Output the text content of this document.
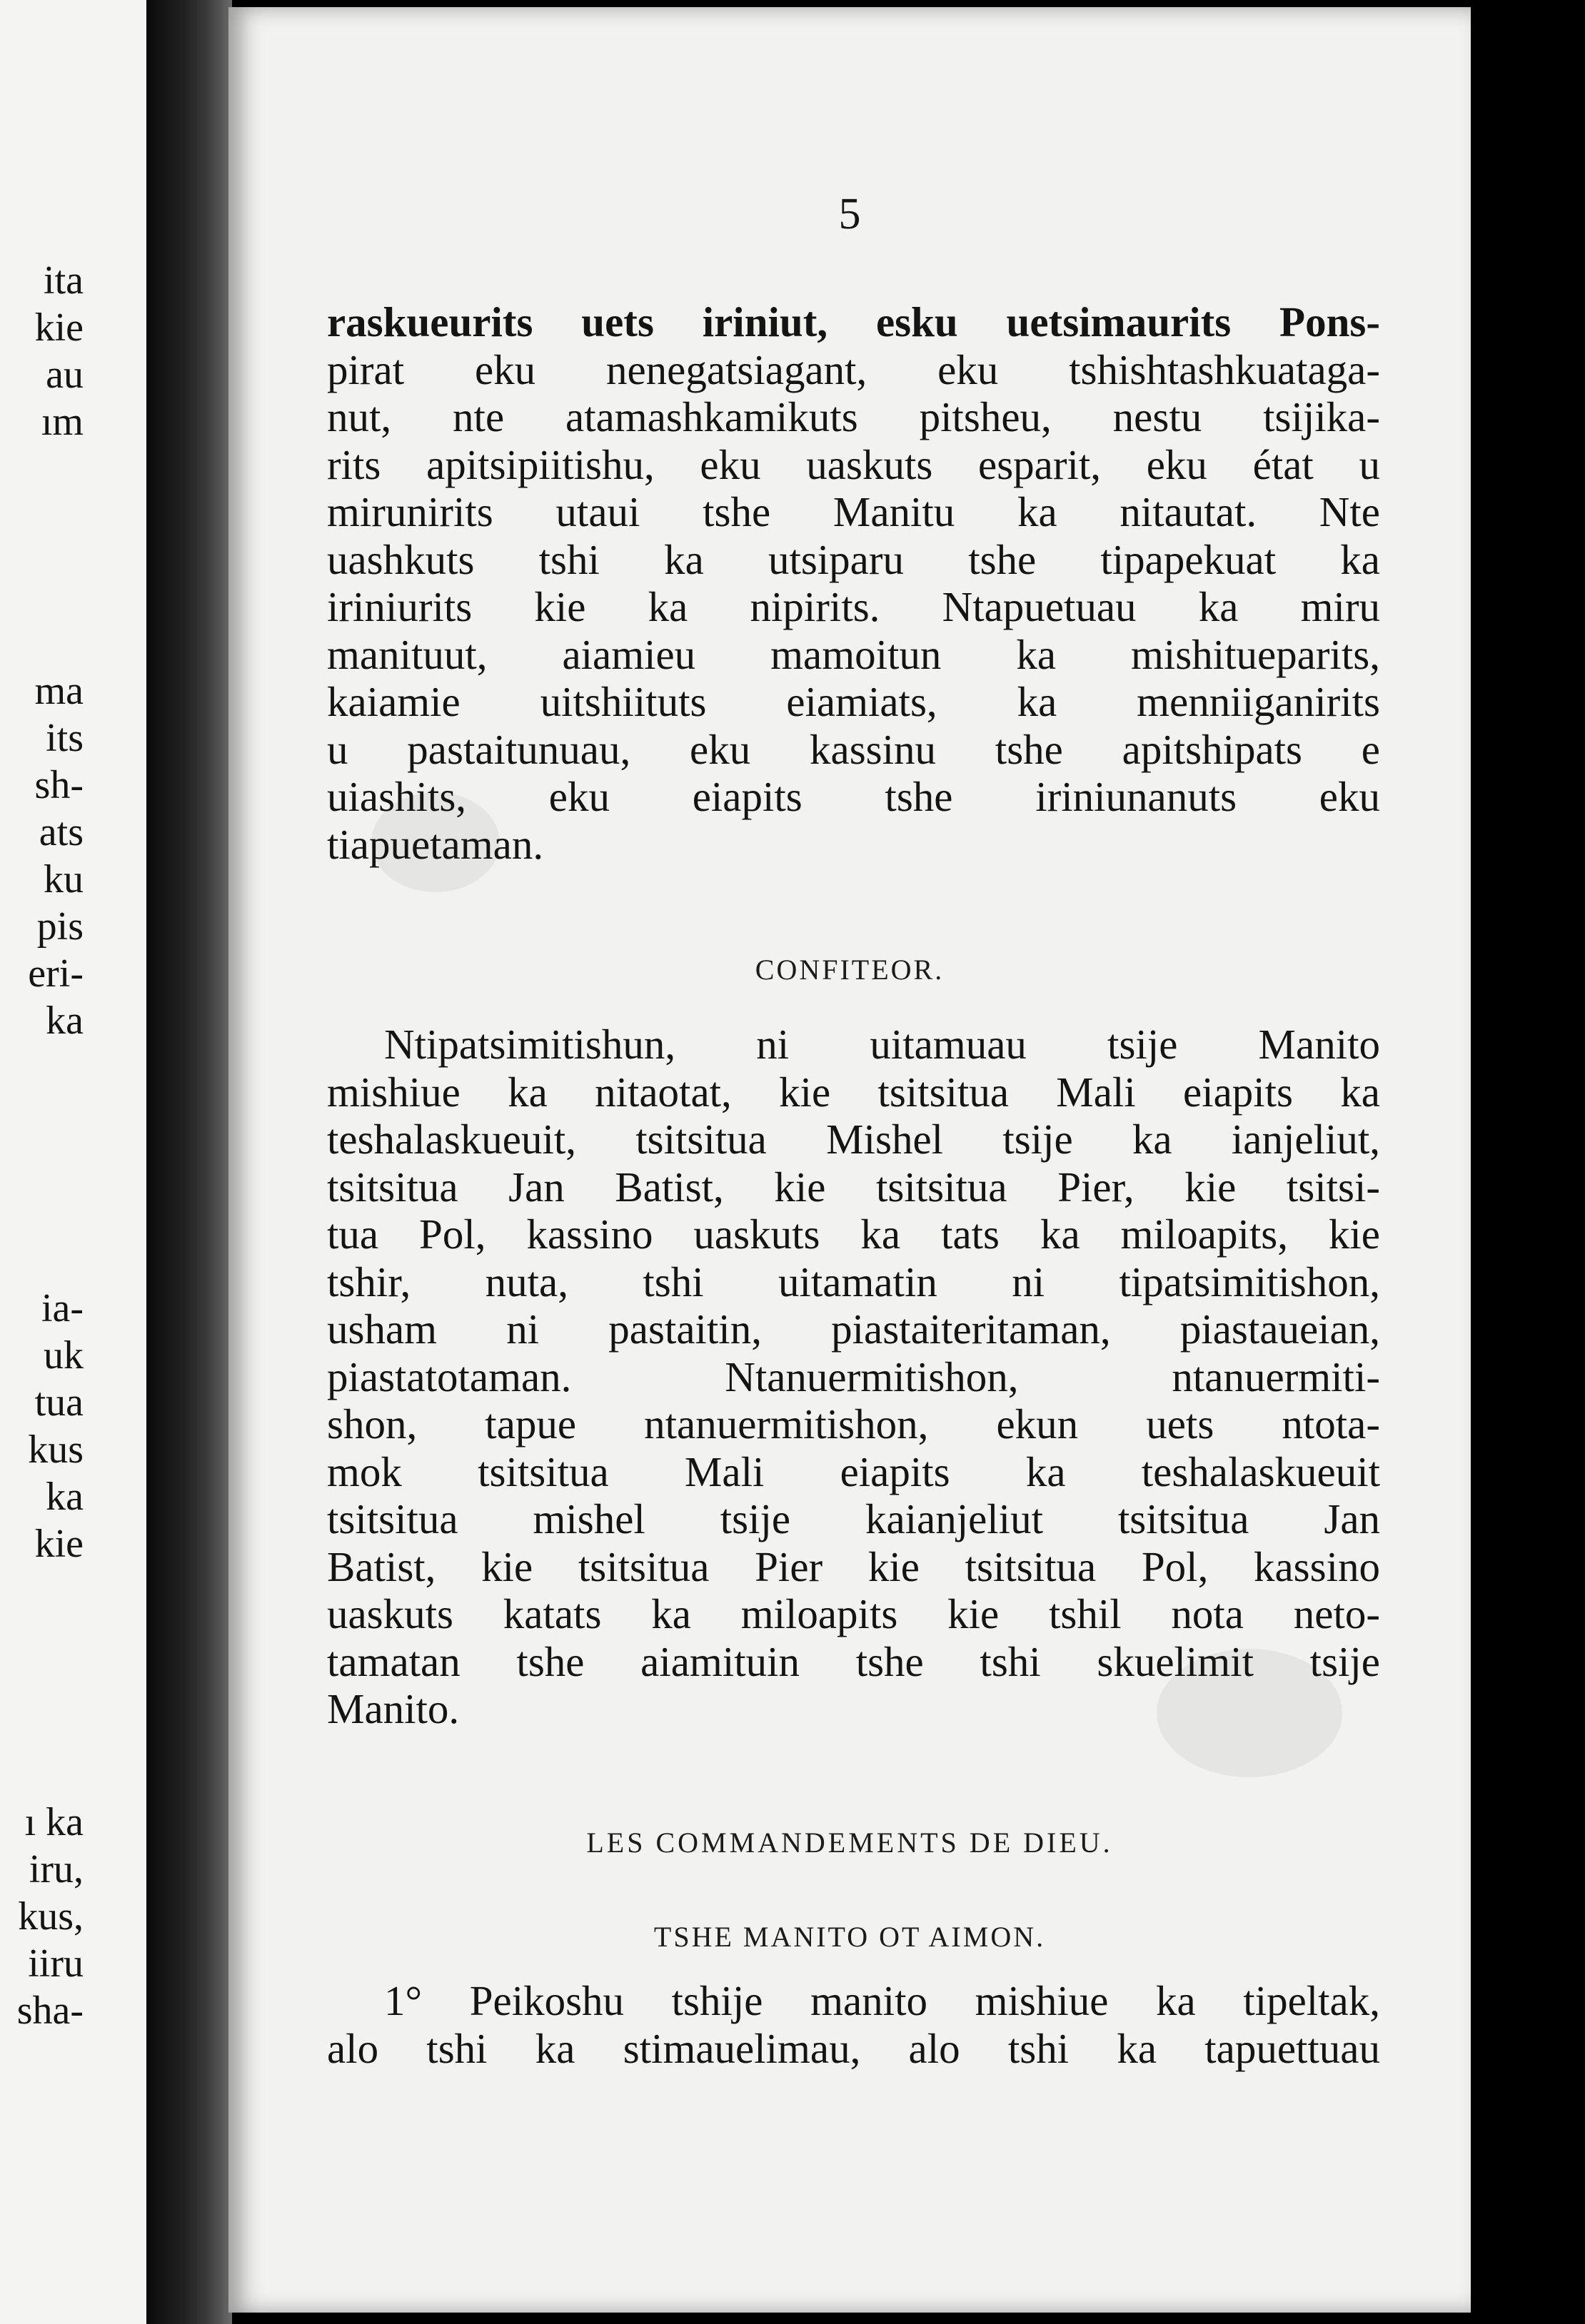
ita
kie
au
ım
ma
its
sh-
ats
ku
pis
eri-
ka
ia-
uk
tua
kus
ka
kie
ı ka
iru,
kus,
iiru
sha-
5
raskueurits uets iriniut, esku uetsimaurits Pons-
pirat eku nenegatsiagant, eku tshishtashkuataga-
nut, nte atamashkamikuts pitsheu, nestu tsijika-
rits apitsipiitishu, eku uaskuts esparit, eku état u
mirunirits utaui tshe Manitu ka nitautat. Nte
uashkuts tshi ka utsiparu tshe tipapekuat ka
iriniurits kie ka nipirits. Ntapuetuau ka miru
manituut, aiamieu mamoitun ka mishitueparits,
kaiamie uitshiituts eiamiats, ka menniiganirits
u pastaitunuau, eku kassinu tshe apitshipats e
uiashits, eku eiapits tshe iriniunanuts eku
tiapuetaman.
CONFITEOR.
Ntipatsimitishun, ni uitamuau tsije Manito
mishiue ka nitaotat, kie tsitsitua Mali eiapits ka
teshalaskueuit, tsitsitua Mishel tsije ka ianjeliut,
tsitsitua Jan Batist, kie tsitsitua Pier, kie tsitsi-
tua Pol, kassino uaskuts ka tats ka miloapits, kie
tshir, nuta, tshi uitamatin ni tipatsimitishon,
usham ni pastaitin, piastaiteritaman, piastaueian,
piastatotaman. Ntanuermitishon, ntanuermiti-
shon, tapue ntanuermitishon, ekun uets ntota-
mok tsitsitua Mali eiapits ka teshalaskueuit
tsitsitua mishel tsije kaianjeliut tsitsitua Jan
Batist, kie tsitsitua Pier kie tsitsitua Pol, kassino
uaskuts katats ka miloapits kie tshil nota neto-
tamatan tshe aiamituin tshe tshi skuelimit tsije
Manito.
LES COMMANDEMENTS DE DIEU.
TSHE MANITO OT AIMON.
1° Peikoshu tshije manito mishiue ka tipeltak,
alo tshi ka stimauelimau, alo tshi ka tapuettuau
